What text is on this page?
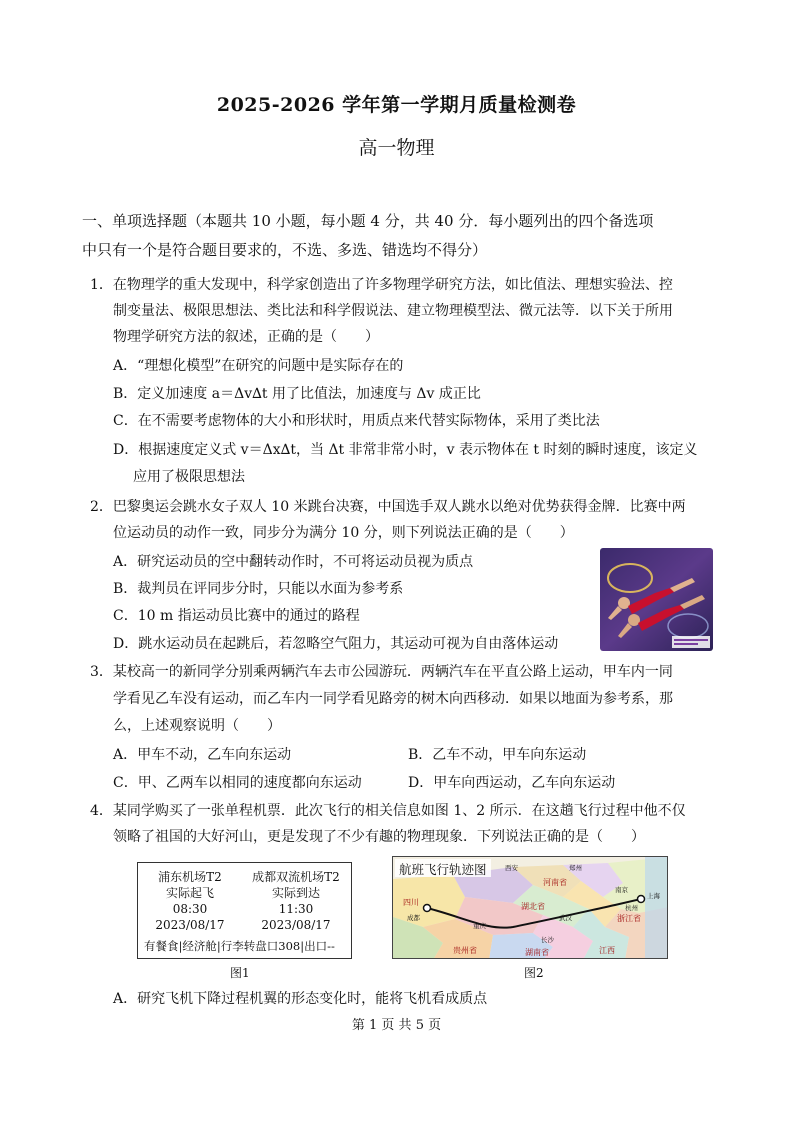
2025-2026 学年第一学期月质量检测卷
高一物理
一、单项选择题（本题共 10 小题，每小题 4 分，共 40 分．每小题列出的四个备选项
中只有一个是符合题目要求的，不选、多选、错选均不得分）
1．在物理学的重大发现中，科学家创造出了许多物理学研究方法，如比值法、理想实验法、控
制变量法、极限思想法、类比法和科学假说法、建立物理模型法、微元法等．以下关于所用
物理学研究方法的叙述，正确的是（　　）
A．“理想化模型”在研究的问题中是实际存在的
B．定义加速度 a＝Δv∆t 用了比值法，加速度与 Δv 成正比
C．在不需要考虑物体的大小和形状时，用质点来代替实际物体，采用了类比法
D．根据速度定义式 v＝Δx∆t，当 Δt 非常非常小时，v 表示物体在 t 时刻的瞬时速度，该定义
应用了极限思想法
2．巴黎奥运会跳水女子双人 10 米跳台决赛，中国选手双人跳水以绝对优势获得金牌．比赛中两
位运动员的动作一致，同步分为满分 10 分，则下列说法正确的是（　　）
A．研究运动员的空中翻转动作时，不可将运动员视为质点
B．裁判员在评同步分时，只能以水面为参考系
C．10 m 指运动员比赛中的通过的路程
D．跳水运动员在起跳后，若忽略空气阻力，其运动可视为自由落体运动
3．某校高一的新同学分别乘两辆汽车去市公园游玩．两辆汽车在平直公路上运动，甲车内一同
学看见乙车没有运动，而乙车内一同学看见路旁的树木向西移动．如果以地面为参考系，那
么，上述观察说明（　　）
A．甲车不动，乙车向东运动	B．乙车不动，甲车向东运动
C．甲、乙两车以相同的速度都向东运动	D．甲车向西运动，乙车向东运动
4．某同学购买了一张单程机票．此次飞行的相关信息如图 1、2 所示．在这趟飞行过程中他不仅
领略了祖国的大好河山，更是发现了不少有趣的物理现象．下列说法正确的是（　　）
浦东机场T2
实际起飞
08:30
2023/08/17
成都双流机场T2
实际到达
11:30
2023/08/17
有餐食|经济舱|行李转盘口308|出口--
图1
航班飞行轨迹图
四川
成都
河南省
湖北省
武汉
重庆
长沙
贵州省	湖南省	江西
浙江省
杭州
南京
上海
西安	郑州
图2
A．研究飞机下降过程机翼的形态变化时，能将飞机看成质点
第 1 页 共 5 页
